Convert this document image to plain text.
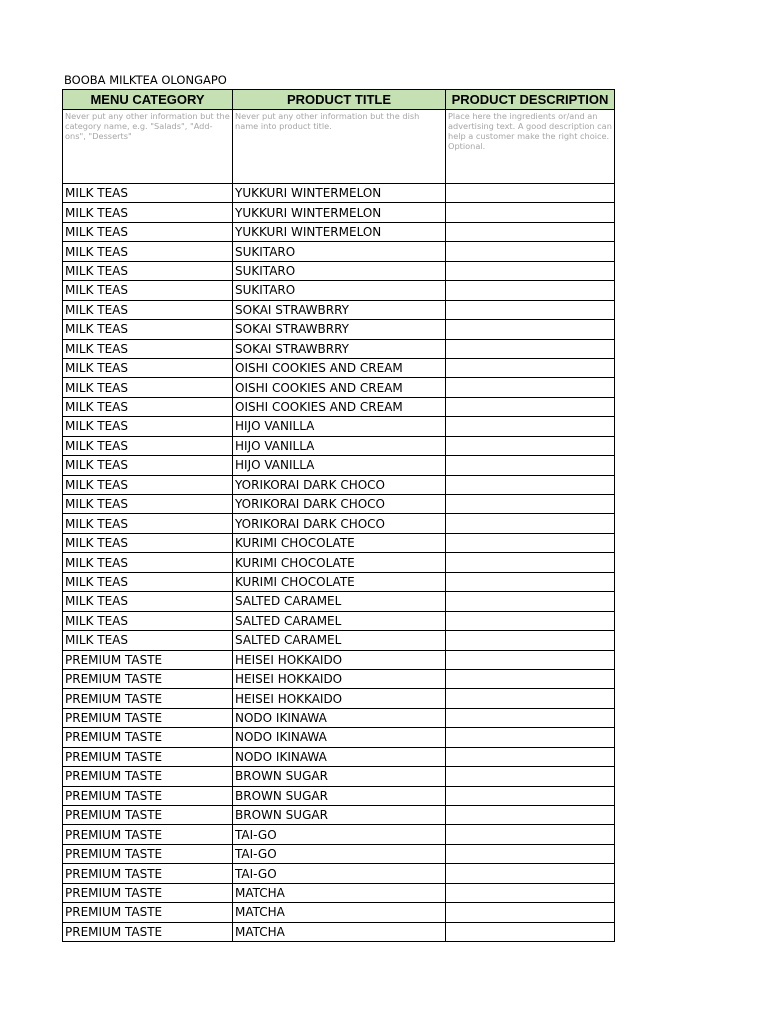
BOOBA MILKTEA OLONGAPO
MENU CATEGORY	PRODUCT TITLE	PRODUCT DESCRIPTION
Never put any other information but the category name, e.g. "Salads", "Add-ons", "Desserts"	Never put any other information but the dish name into product title.	Place here the ingredients or/and an advertising text. A good description can help a customer make the right choice. Optional.
MILK TEAS	YUKKURI WINTERMELON	
MILK TEAS	YUKKURI WINTERMELON	
MILK TEAS	YUKKURI WINTERMELON	
MILK TEAS	SUKITARO	
MILK TEAS	SUKITARO	
MILK TEAS	SUKITARO	
MILK TEAS	SOKAI STRAWBRRY	
MILK TEAS	SOKAI STRAWBRRY	
MILK TEAS	SOKAI STRAWBRRY	
MILK TEAS	OISHI COOKIES AND CREAM	
MILK TEAS	OISHI COOKIES AND CREAM	
MILK TEAS	OISHI COOKIES AND CREAM	
MILK TEAS	HIJO VANILLA	
MILK TEAS	HIJO VANILLA	
MILK TEAS	HIJO VANILLA	
MILK TEAS	YORIKORAI DARK CHOCO	
MILK TEAS	YORIKORAI DARK CHOCO	
MILK TEAS	YORIKORAI DARK CHOCO	
MILK TEAS	KURIMI CHOCOLATE	
MILK TEAS	KURIMI CHOCOLATE	
MILK TEAS	KURIMI CHOCOLATE	
MILK TEAS	SALTED CARAMEL	
MILK TEAS	SALTED CARAMEL	
MILK TEAS	SALTED CARAMEL	
PREMIUM TASTE	HEISEI HOKKAIDO	
PREMIUM TASTE	HEISEI HOKKAIDO	
PREMIUM TASTE	HEISEI HOKKAIDO	
PREMIUM TASTE	NODO IKINAWA	
PREMIUM TASTE	NODO IKINAWA	
PREMIUM TASTE	NODO IKINAWA	
PREMIUM TASTE	BROWN SUGAR	
PREMIUM TASTE	BROWN SUGAR	
PREMIUM TASTE	BROWN SUGAR	
PREMIUM TASTE	TAI-GO	
PREMIUM TASTE	TAI-GO	
PREMIUM TASTE	TAI-GO	
PREMIUM TASTE	MATCHA	
PREMIUM TASTE	MATCHA	
PREMIUM TASTE	MATCHA	
